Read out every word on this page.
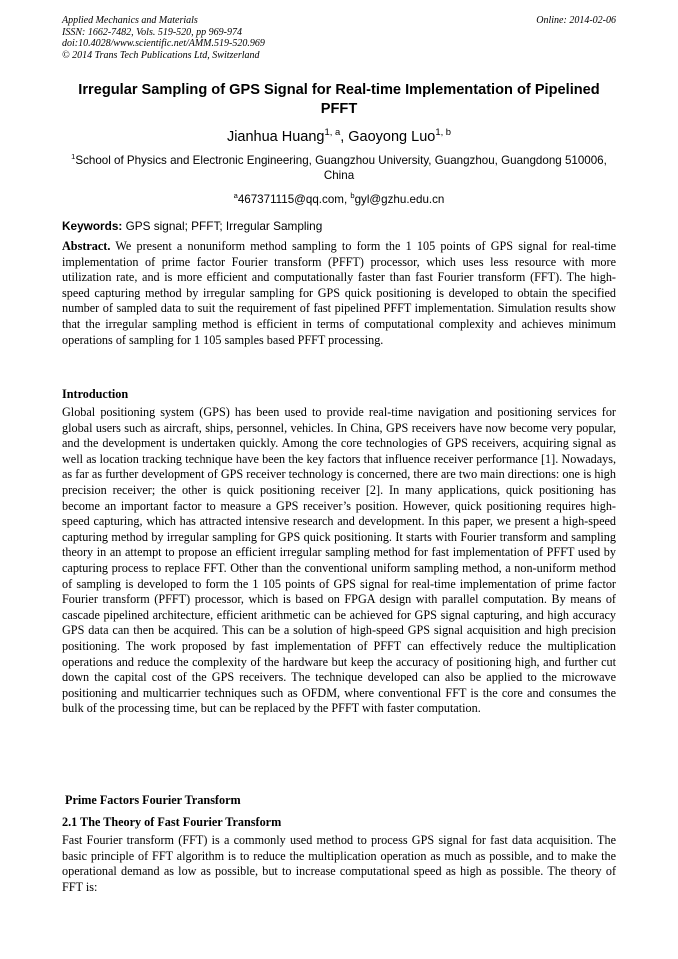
Applied Mechanics and Materials
ISSN: 1662-7482, Vols. 519-520, pp 969-974
doi:10.4028/www.scientific.net/AMM.519-520.969
© 2014 Trans Tech Publications Ltd, Switzerland
Online: 2014-02-06
Irregular Sampling of GPS Signal for Real-time Implementation of Pipelined PFFT
Jianhua Huang$^{1, a}$, Gaoyong Luo$^{1, b}$
$^1$School of Physics and Electronic Engineering, Guangzhou University, Guangzhou, Guangdong 510006, China
$^a$467371115@qq.com, $^b$gyl@gzhu.edu.cn
Keywords: GPS signal; PFFT; Irregular Sampling
Abstract. We present a nonuniform method sampling to form the 1 105 points of GPS signal for real-time implementation of prime factor Fourier transform (PFFT) processor, which uses less resource with more utilization rate, and is more efficient and computationally faster than fast Fourier transform (FFT). The high-speed capturing method by irregular sampling for GPS quick positioning is developed to obtain the specified number of sampled data to suit the requirement of fast pipelined PFFT implementation. Simulation results show that the irregular sampling method is efficient in terms of computational complexity and achieves minimum operations of sampling for 1 105 samples based PFFT processing.
Introduction
Global positioning system (GPS) has been used to provide real-time navigation and positioning services for global users such as aircraft, ships, personnel, vehicles. In China, GPS receivers have now become very popular, and the development is undertaken quickly. Among the core technologies of GPS receivers, acquiring signal as well as location tracking technique have been the key factors that influence receiver performance [1]. Nowadays, as far as further development of GPS receiver technology is concerned, there are two main directions: one is high precision receiver; the other is quick positioning receiver [2]. In many applications, quick positioning has become an important factor to measure a GPS receiver’s position. However, quick positioning requires high-speed capturing, which has attracted intensive research and development. In this paper, we present a high-speed capturing method by irregular sampling for GPS quick positioning. It starts with Fourier transform and sampling theory in an attempt to propose an efficient irregular sampling method for fast implementation of PFFT used by capturing process to replace FFT. Other than the conventional uniform sampling method, a non-uniform method of sampling is developed to form the 1 105 points of GPS signal for real-time implementation of prime factor Fourier transform (PFFT) processor, which is based on FPGA design with parallel computation. By means of cascade pipelined architecture, efficient arithmetic can be achieved for GPS signal capturing, and high accuracy GPS data can then be acquired. This can be a solution of high-speed GPS signal acquisition and high precision positioning. The work proposed by fast implementation of PFFT can effectively reduce the multiplication operations and reduce the complexity of the hardware but keep the accuracy of positioning high, and further cut down the capital cost of the GPS receivers. The technique developed can also be applied to the microwave positioning and multicarrier techniques such as OFDM, where conventional FFT is the core and consumes the bulk of the processing time, but can be replaced by the PFFT with faster computation.
Prime Factors Fourier Transform
2.1 The Theory of Fast Fourier Transform
Fast Fourier transform (FFT) is a commonly used method to process GPS signal for fast data acquisition. The basic principle of FFT algorithm is to reduce the multiplication operation as much as possible, and to make the operational demand as low as possible, but to increase computational speed as high as possible. The theory of FFT is:
